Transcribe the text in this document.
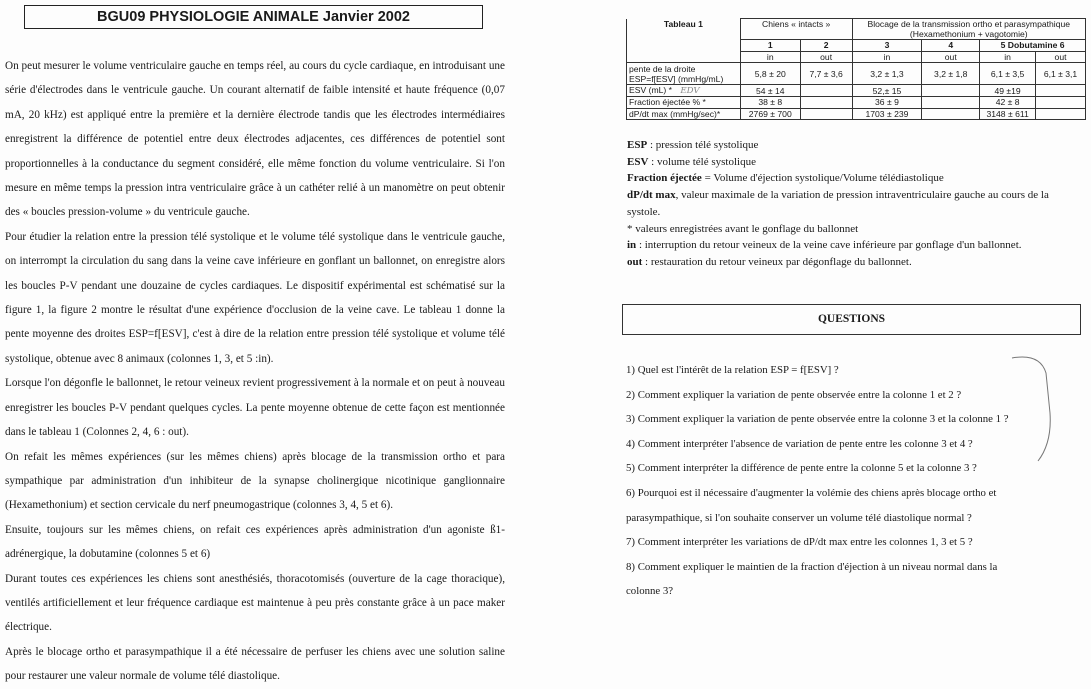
BGU09 PHYSIOLOGIE ANIMALE Janvier 2002

On peut mesurer le volume ventriculaire gauche en temps réel, au cours du cycle cardiaque, en introduisant une série d'électrodes dans le ventricule gauche. Un courant alternatif de faible intensité et haute fréquence (0,07 mA, 20 kHz) est appliqué entre la première et la dernière électrode tandis que les électrodes intermédiaires enregistrent la différence de potentiel entre deux électrodes adjacentes, ces différences de potentiel sont proportionnelles à la conductance du segment considéré, elle même fonction du volume ventriculaire. Si l'on mesure en même temps la pression intra ventriculaire grâce à un cathéter relié à un manomètre on peut obtenir des « boucles pression-volume » du ventricule gauche.

Pour étudier la relation entre la pression télé systolique et le volume télé systolique dans le ventricule gauche, on interrompt la circulation du sang dans la veine cave inférieure en gonflant un ballonnet, on enregistre alors les boucles P-V pendant une douzaine de cycles cardiaques. Le dispositif expérimental est schématisé sur la figure 1, la figure 2 montre le résultat d'une expérience d'occlusion de la veine cave. Le tableau 1 donne la pente moyenne des droites ESP=f[ESV], c'est à dire de la relation entre pression télé systolique et volume télé systolique, obtenue avec 8 animaux (colonnes 1, 3, et 5 :in).

Lorsque l'on dégonfle le ballonnet, le retour veineux revient progressivement à la normale et on peut à nouveau enregistrer les boucles P-V pendant quelques cycles. La pente moyenne obtenue de cette façon est mentionnée dans le tableau 1 (Colonnes 2, 4, 6 : out).

On refait les mêmes expériences (sur les mêmes chiens) après blocage de la transmission ortho et para sympathique par administration d'un inhibiteur de la synapse cholinergique nicotinique ganglionnaire (Hexamethonium) et section cervicale du nerf pneumogastrique (colonnes 3, 4, 5 et 6).

Ensuite, toujours sur les mêmes chiens, on refait ces expériences après administration d'un agoniste ß1-adrénergique, la dobutamine (colonnes 5 et 6)

Durant toutes ces expériences les chiens sont anesthésiés, thoracotomisés (ouverture de la cage thoracique), ventilés artificiellement et leur fréquence cardiaque est maintenue à peu près constante grâce à un pace maker électrique.

Après le blocage ortho et parasympathique il a été nécessaire de perfuser les chiens avec une solution saline pour restaurer une valeur normale de volume télé diastolique.

Tableau 1	Chiens « intacts »		Blocage de la transmission ortho et parasympathique (Hexamethonium + vagotomie)			
	1	2	3	4	5 Dobutamine 6	
	in	out	in	out	in	out
pente de la droite ESP=f[ESV] (mmHg/mL)	5,8 ± 20	7,7 ± 3,6	3,2 ± 1,3	3,2 ± 1,8	6,1 ± 3,5	6,1 ± 3,1
ESV (mL) * EDV	54 ± 14		52,± 15		49 ±19	
Fraction éjectée % *	38 ± 8		36 ± 9		42 ± 8	
dP/dt max (mmHg/sec)*	2769 ± 700		1703 ± 239		3148 ± 611	
ESP : pression télé systolique
ESV : volume télé systolique
Fraction éjectée = Volume d'éjection systolique/Volume télédiastolique
dP/dt max, valeur maximale de la variation de pression intraventriculaire gauche au cours de la systole.
* valeurs enregistrées avant le gonflage du ballonnet
in : interruption du retour veineux de la veine cave inférieure par gonflage d'un ballonnet.
out : restauration du retour veineux par dégonflage du ballonnet.
QUESTIONS
1) Quel est l'intérêt de la relation ESP = f[ESV] ?
2) Comment expliquer la variation de pente observée entre la colonne 1 et 2 ?
3) Comment expliquer la variation de pente observée entre la colonne 3 et la colonne 1 ?
4) Comment interpréter l'absence de variation de pente entre les colonne 3 et 4 ?
5) Comment interpréter la différence de pente entre la colonne 5 et la colonne 3 ?
6) Pourquoi est il nécessaire d'augmenter la volémie des chiens après blocage ortho et
parasympathique, si l'on souhaite conserver un volume télé diastolique normal ?
7) Comment interpréter les variations de dP/dt max entre les colonnes 1, 3 et 5 ?
8) Comment expliquer le maintien de la fraction d'éjection à un niveau normal dans la
colonne 3?
